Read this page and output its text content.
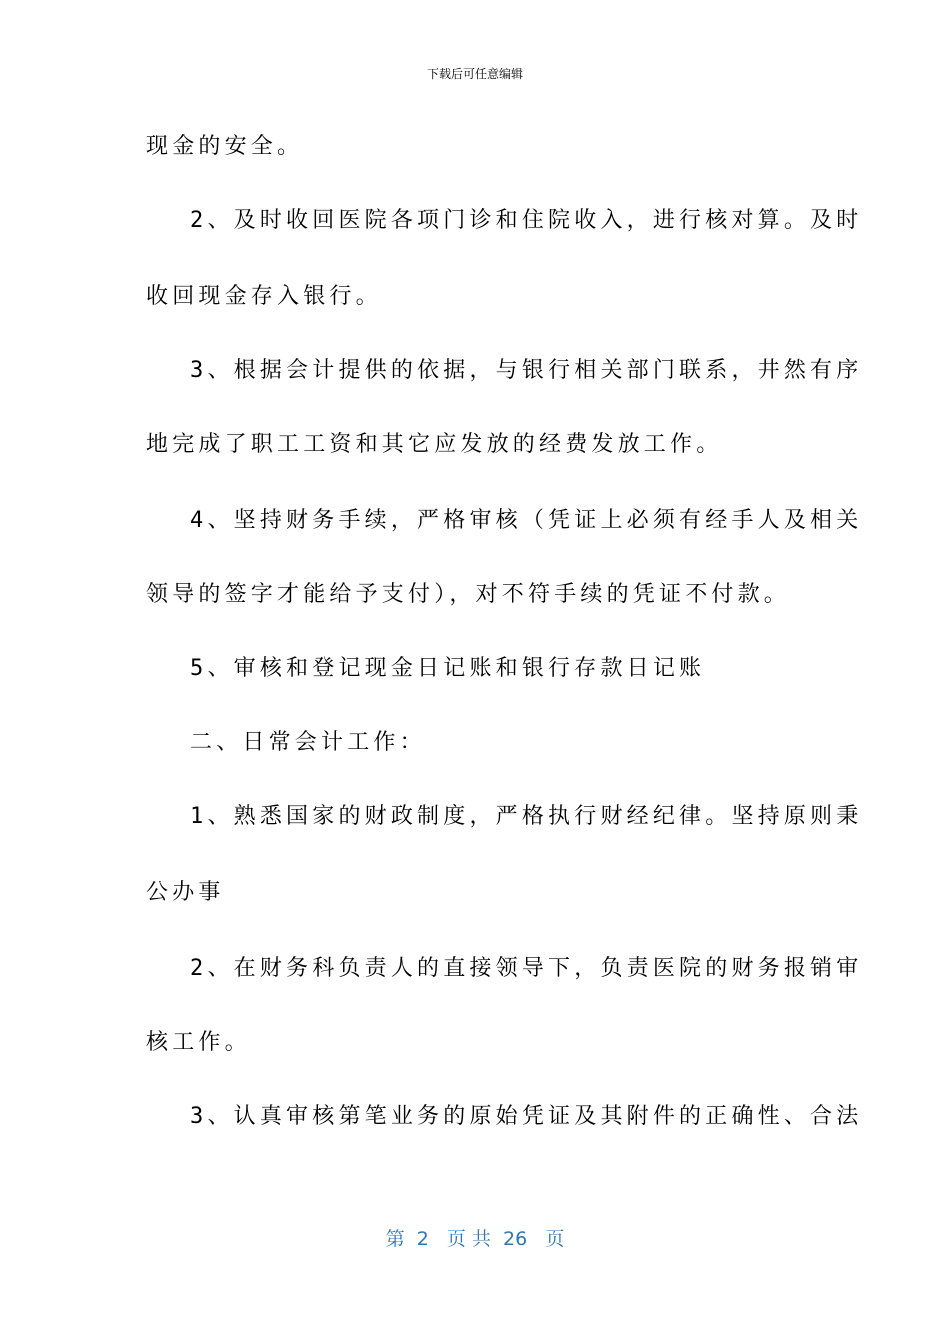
下载后可任意编辑
现金的安全。
2、及时收回医院各项门诊和住院收入，进行核对算。及时
收回现金存入银行。
3、根据会计提供的依据，与银行相关部门联系，井然有序
地完成了职工工资和其它应发放的经费发放工作。
4、坚持财务手续，严格审核（凭证上必须有经手人及相关
领导的签字才能给予支付），对不符手续的凭证不付款。
5、审核和登记现金日记账和银行存款日记账
二、日常会计工作：
1、熟悉国家的财政制度，严格执行财经纪律。坚持原则秉
公办事
2、在财务科负责人的直接领导下，负责医院的财务报销审
核工作。
3、认真审核第笔业务的原始凭证及其附件的正确性、合法
第  2   页 共  26   页
